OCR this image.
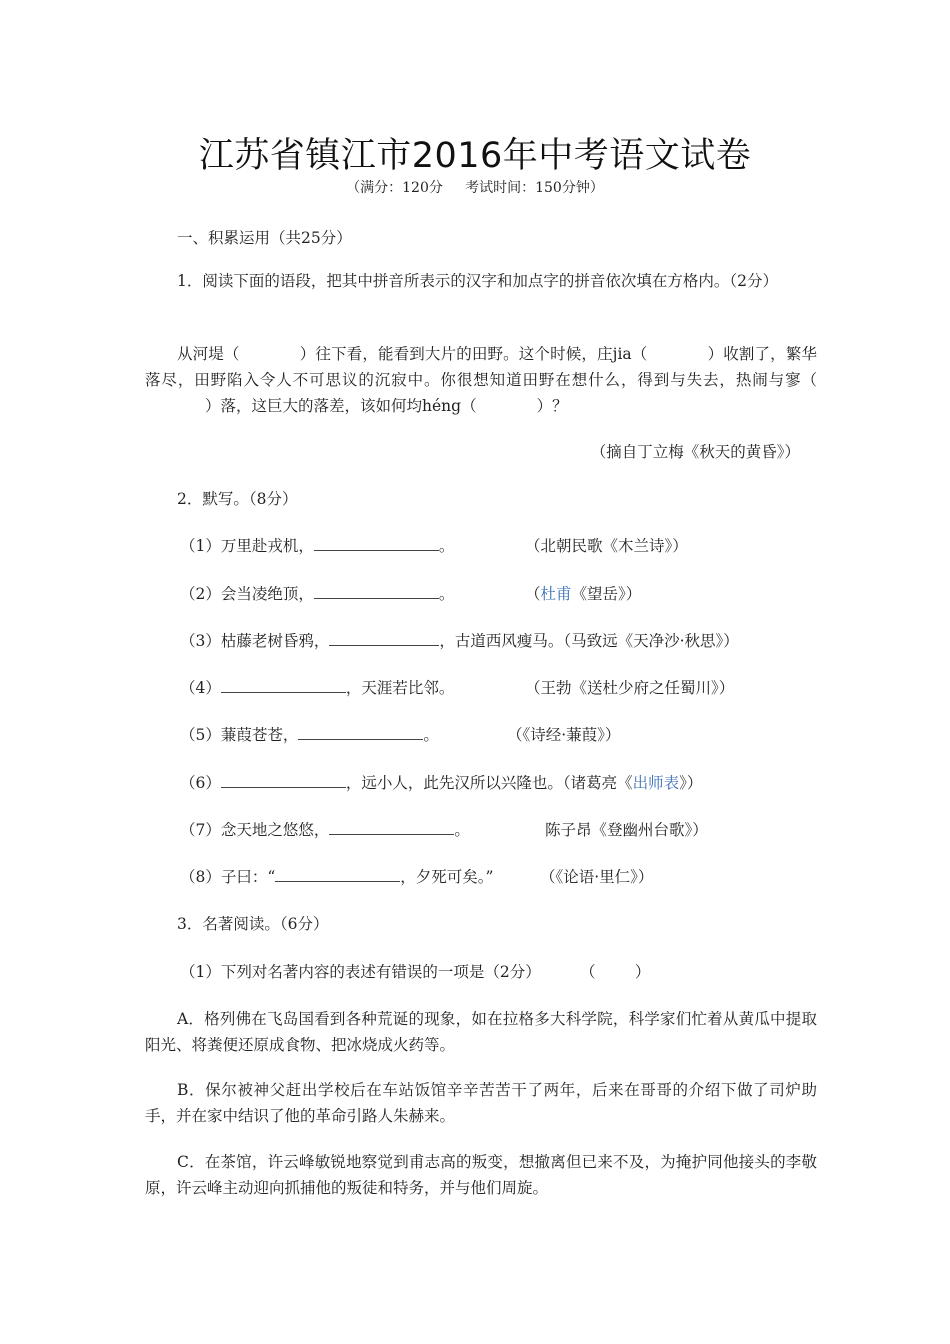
江苏省镇江市2016年中考语文试卷
（满分：120分     考试时间：150分钟）
一、积累运用（共25分）
1．阅读下面的语段，把其中拼音所表示的汉字和加点字的拼音依次填在方格内。（2分）
从河堤（	）往下看，能看到大片的田野。这个时候，庄jia（	）收割了，繁华落尽，田野陷入令人不可思议的沉寂中。你很想知道田野在想什么，得到与失去，热闹与寥（）落，这巨大的落差，该如何均héng（	）？
（摘自丁立梅《秋天的黄昏》）
2．默写。（8分）
（1）万里赴戎机，	。	（北朝民歌《木兰诗》）
（2）会当凌绝顶，	。	（杜甫《望岳》）
（3）枯藤老树昏鸦，	，古道西风瘦马。（马致远《天净沙·秋思》）
（4）	，天涯若比邻。	（王勃《送杜少府之任蜀川》）
（5）蒹葭苍苍，	。	（《诗经·蒹葭》）
（6）	，远小人，此先汉所以兴隆也。（诸葛亮《出师表》）
（7）念天地之悠悠，	。	陈子昂《登幽州台歌》）
（8）子曰：“	，夕死可矣。”	（《论语·里仁》）
3．名著阅读。（6分）
（1）下列对名著内容的表述有错误的一项是（2分）	（        ）
A．格列佛在飞岛国看到各种荒诞的现象，如在拉格多大科学院，科学家们忙着从黄瓜中提取阳光、将粪便还原成食物、把冰烧成火药等。
B．保尔被神父赶出学校后在车站饭馆辛辛苦苦干了两年，后来在哥哥的介绍下做了司炉助手，并在家中结识了他的革命引路人朱赫来。
C．在茶馆，许云峰敏锐地察觉到甫志高的叛变，想撤离但已来不及，为掩护同他接头的李敬原，许云峰主动迎向抓捕他的叛徒和特务，并与他们周旋。
